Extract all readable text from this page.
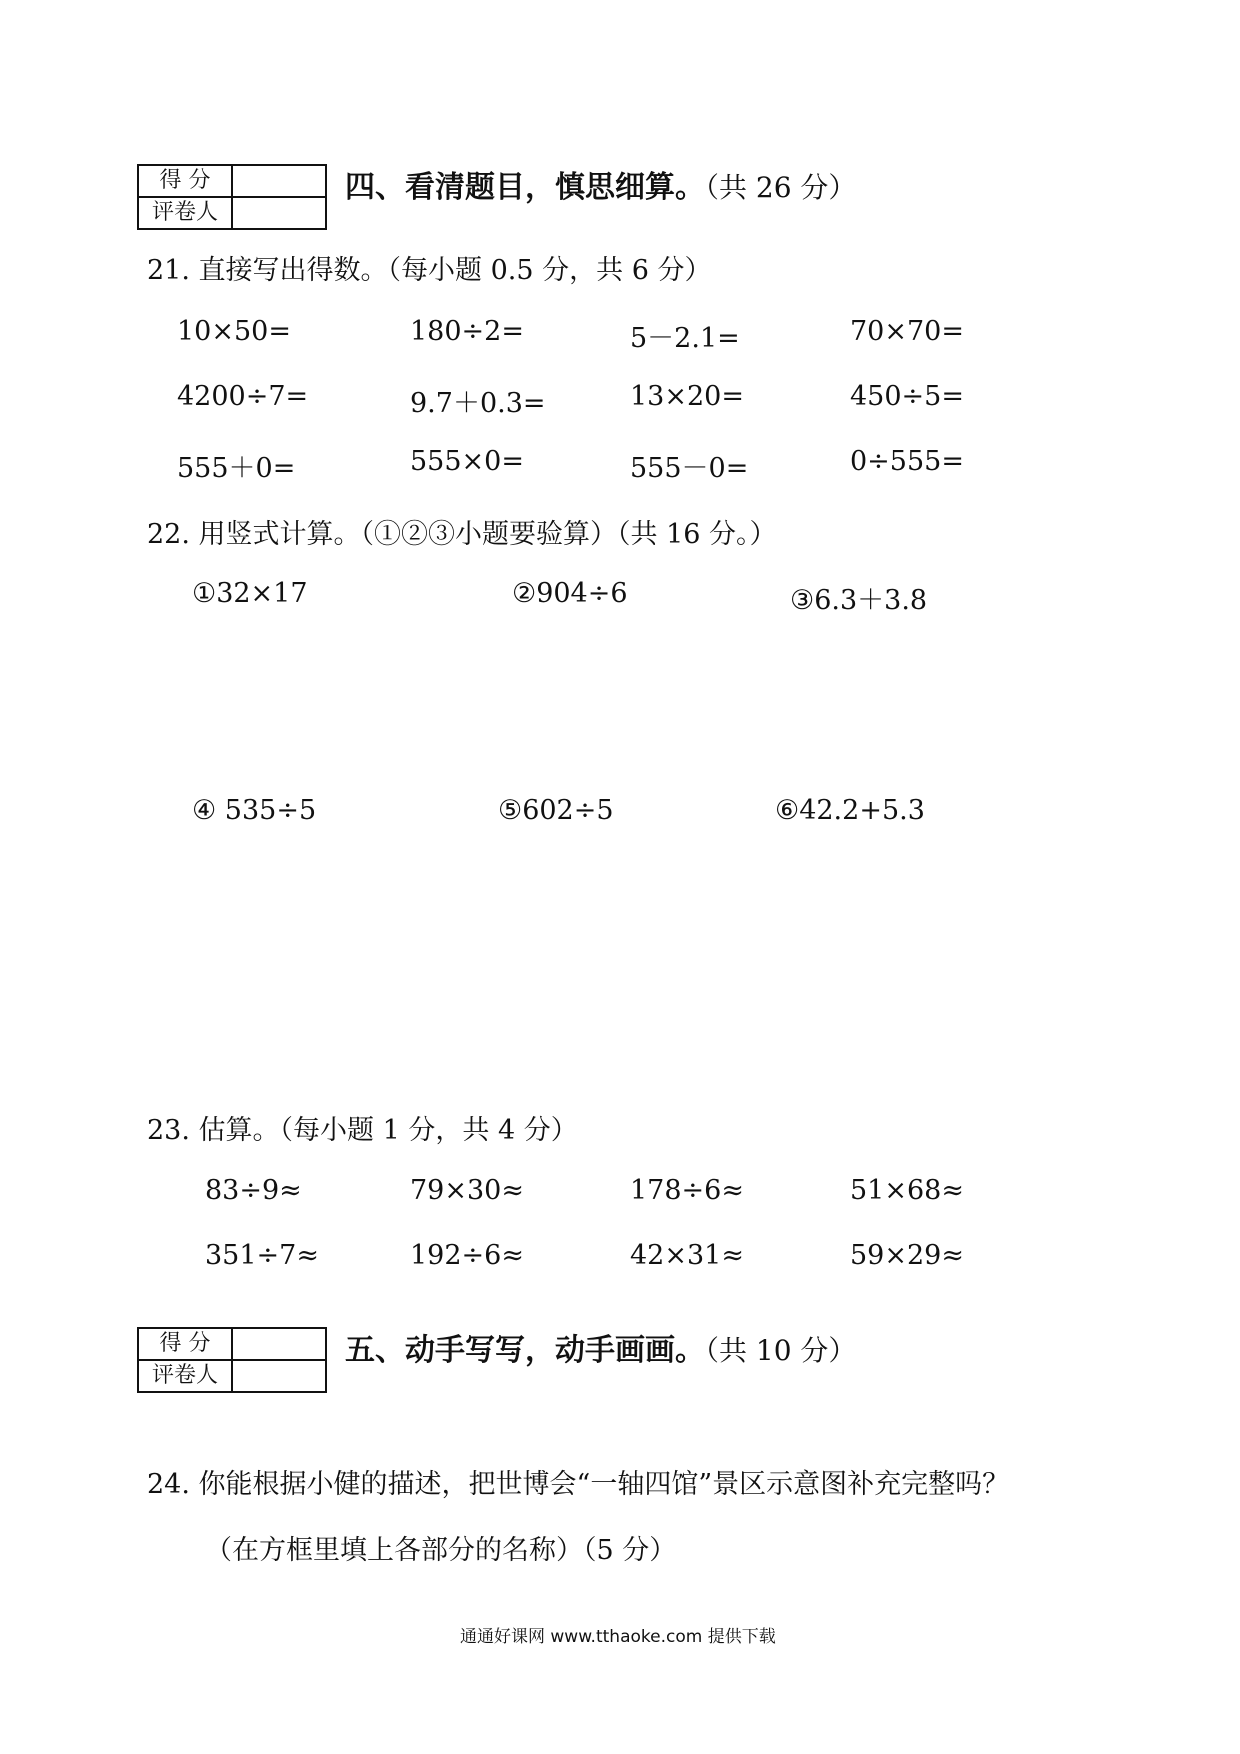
得 分	
评卷人	
四、看清题目，慎思细算。（共 26 分）
21. 直接写出得数。（每小题 0.5 分，共 6 分）
10×50=	180÷2=	5－2.1=	70×70=
4200÷7=	9.7＋0.3=	13×20=	450÷5=
555＋0=	555×0=	555－0=	0÷555=
22. 用竖式计算。（①②③小题要验算）（共 16 分。）
①32×17	②904÷6	③6.3＋3.8
④ 535÷5	⑤602÷5	⑥42.2+5.3
23. 估算。（每小题 1 分，共 4 分）
83÷9≈	79×30≈	178÷6≈	51×68≈
351÷7≈	192÷6≈	42×31≈	59×29≈
得 分	
评卷人	
五、动手写写，动手画画。（共 10 分）
24. 你能根据小健的描述，把世博会“一轴四馆”景区示意图补充完整吗？
（在方框里填上各部分的名称）（5 分）
通通好课网 www.tthaoke.com 提供下载
